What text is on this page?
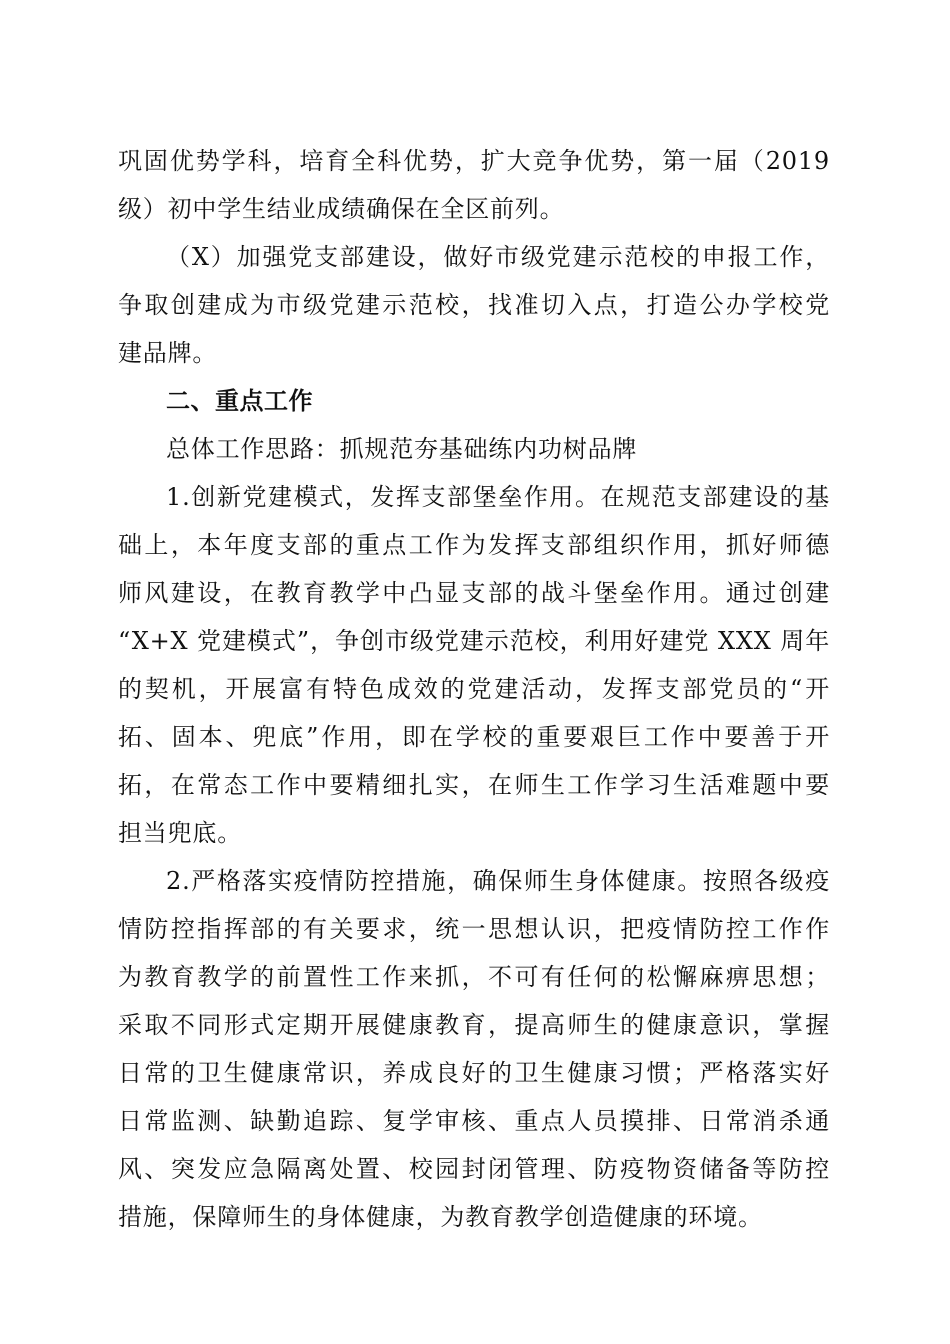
巩固优势学科，培育全科优势，扩大竞争优势，第一届（2019
级）初中学生结业成绩确保在全区前列。
（X）加强党支部建设，做好市级党建示范校的申报工作，
争取创建成为市级党建示范校，找准切入点，打造公办学校党
建品牌。
二、重点工作
总体工作思路：抓规范夯基础练内功树品牌
1.创新党建模式，发挥支部堡垒作用。在规范支部建设的基
础上，本年度支部的重点工作为发挥支部组织作用，抓好师德
师风建设，在教育教学中凸显支部的战斗堡垒作用。通过创建
“X+X 党建模式”，争创市级党建示范校，利用好建党 XXX 周年
的契机，开展富有特色成效的党建活动，发挥支部党员的“开
拓、固本、兜底”作用，即在学校的重要艰巨工作中要善于开
拓，在常态工作中要精细扎实，在师生工作学习生活难题中要
担当兜底。
2.严格落实疫情防控措施，确保师生身体健康。按照各级疫
情防控指挥部的有关要求，统一思想认识，把疫情防控工作作
为教育教学的前置性工作来抓，不可有任何的松懈麻痹思想；
采取不同形式定期开展健康教育，提高师生的健康意识，掌握
日常的卫生健康常识，养成良好的卫生健康习惯；严格落实好
日常监测、缺勤追踪、复学审核、重点人员摸排、日常消杀通
风、突发应急隔离处置、校园封闭管理、防疫物资储备等防控
措施，保障师生的身体健康，为教育教学创造健康的环境。
